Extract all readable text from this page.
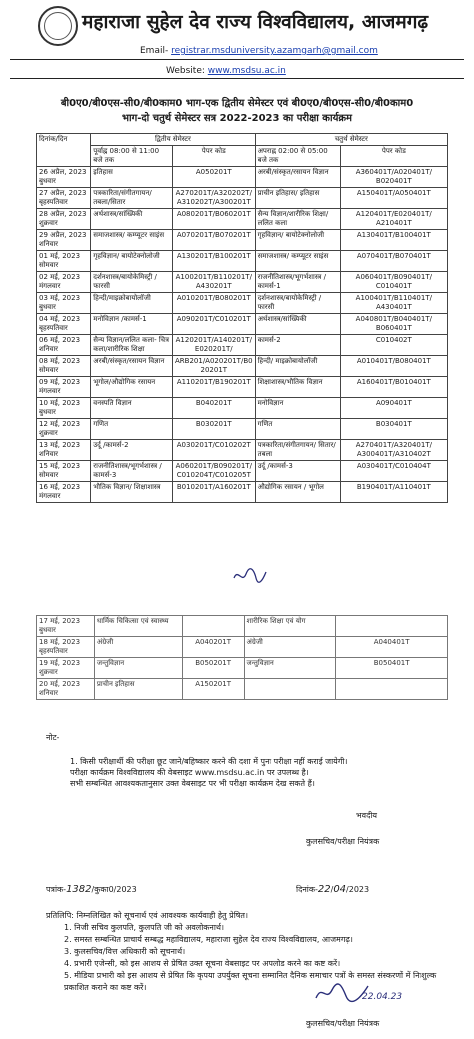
महाराजा सुहेल देव राज्य विश्वविद्यालय, आजमगढ़
Email- registrar.msduniversity.azamgarh@gmail.com
Website: www.msdsu.ac.in
बी0ए0/बी0एस-सी0/बी0काम0 भाग-एक द्वितीय सेमेस्टर एवं बी0ए0/बी0एस-सी0/बी0काम0
भाग-दो चतुर्थ सेमेस्टर सत्र 2022-2023 का परीक्षा कार्यक्रम
दिनांक/दिन	द्वितीय सेमेस्टर		चतुर्थ सेमेस्टर	
	पूर्वाह्न 08:00 से 11:00 बजे तक	पेपर कोड	अपराह्न 02:00 से 05:00 बजे तक	पेपर कोड

26 अप्रैल, 2023
बुधवार	इतिहास	A050201T	अरबी/संस्कृत/रसायन विज्ञान	A360401T/A020401T/ B020401T

27 अप्रैल, 2023
बृहस्पतिवार	पत्रकारिता/संगीतगायन/ तबला/सितार	A270201T/A320202T/ A310202T/A300201T	प्राचीन इतिहास/ इतिहास	A150401T/A050401T

28 अप्रैल, 2023
शुक्रवार	अर्थशास्त्र/सांख्यिकी	A080201T/B060201T	सैन्य विज्ञान/शारीरिक शिक्षा/ललित कला	A120401T/E020401T/ A210401T

29 अप्रैल, 2023
शनिवार	समाजशास्त्र/ कम्प्यूटर साइंस	A070201T/B070201T	गृहविज्ञान/ बायोटेक्नोलोजी	A130401T/B100401T

01 मई, 2023
सोमवार	गृहविज्ञान/ बायोटेक्नोलोजी	A130201T/B100201T	समाजशास्त्र/ कम्प्यूटर साइंस	A070401T/B070401T

02 मई, 2023
मंगलवार	दर्शनशास्त्र/बायोकेमिस्ट्री /फारसी	A100201T/B110201T/ A430201T	राजनीतिशास्त्र/भूगर्भशास्त्र /कामर्स-1	A060401T/B090401T/ C010401T

03 मई, 2023
बुधवार	हिन्दी/माइक्रोबायोलॉजी	A010201T/B080201T	दर्शनशास्त्र/बायोकेमिस्ट्री /फारसी	A100401T/B110401T/ A430401T

04 मई, 2023
बृहस्पतिवार	मनोविज्ञान /कामर्स-1	A090201T/C010201T	अर्थशास्त्र/सांख्यिकी	A040801T/B040401T/ B060401T

06 मई, 2023
शनिवार	सैन्य विज्ञान/ललित कला- चित्र कला/शारीरिक शिक्षा	A120201T/A140201T/ E020201T/	कामर्स-2	C010402T

08 मई, 2023
सोमवार	अरबी/संस्कृत/रसायन विज्ञान	ARB201/A020201T/B0 20201T	हिन्दी/ माइक्रोबायोलॉजी	A010401T/B080401T

09 मई, 2023
मंगलवार	भूगोल/औद्योगिक रसायन	A110201T/B190201T	शिक्षाशास्त्र/भौतिक विज्ञान	A160401T/B010401T

10 मई, 2023
बुधवार	वनस्पति विज्ञान	B040201T	मनोविज्ञान	A090401T

12 मई, 2023
शुक्रवार	गणित	B030201T	गणित	B030401T

13 मई, 2023
शनिवार	उर्दू /कामर्स-2	A030201T/C010202T	पत्रकारिता/संगीतगायन/ सितार/तबला	A270401T/A320401T/ A300401T/A310402T

15 मई, 2023
सोमवार	राजनीतिशास्त्र/भूगर्भशास्त्र /कामर्स-3	A060201T/B090201T/ C010204T/C010205T	उर्दू /कामर्स-3	A030401T/C010404T

16 मई, 2023
मंगलवार	भौतिक विज्ञान/ शिक्षाशास्त्र	B010201T/A160201T	औद्योगिक रसायन / भूगोल	B190401T/A110401T
17 मई, 2023
बुधवार	धार्मिक चिकित्सा एवं स्वास्थ्य		शारीरिक शिक्षा एवं योग	

18 मई, 2023
बृहस्पतिवार	अंग्रेजी	A040201T	अंग्रेजी	A040401T

19 मई, 2023
शुक्रवार	जन्तुविज्ञान	B050201T	जन्तुविज्ञान	B050401T

20 मई, 2023
शनिवार	प्राचीन इतिहास	A150201T		
नोट-
1. किसी परीक्षार्थी की परीक्षा छूट जाने/बहिष्कार करने की दशा में पुनः परीक्षा नहीं कराई जायेगी।
परीक्षा कार्यक्रम विश्वविद्यालय की वेबसाइट www.msdsu.ac.in पर उपलब्ध है।
सभी सम्बन्धित आवश्यकतानुसार उक्त वेबसाइट पर भी परीक्षा कार्यक्रम देख सकते हैं।
भवदीय
कुलसचिव/परीक्षा नियंत्रक
पत्रांक-1382/कुका0/2023	दिनांक-22/04/2023
प्रतिलिपि: निम्नलिखित को सूचनार्थ एवं आवश्यक कार्यवाही हेतु प्रेषित।
1. निजी सचिव कुलपति, कुलपति जी को अवलोकनार्थ।
2. समस्त सम्बन्धित प्राचार्य सम्बद्ध महाविद्यालय, महाराजा सुहेल देव राज्य विश्वविद्यालय, आजमगढ़।
3. कुलसचिव/वित्त अधिकारी को सूचनार्थ।
4. प्रभारी एजेन्सी, को इस आशय से प्रेषित उक्त सूचना वेबसाइट पर अपलोड करने का कष्ट करें।
5. मीडिया प्रभारी को इस आशय से प्रेषित कि कृपया उपर्युक्त सूचना सम्मानित दैनिक समाचार पत्रों के समस्त संस्करणों में निःशुल्क प्रकाशित कराने का कष्ट करें।
22.04.23
कुलसचिव/परीक्षा नियंत्रक
